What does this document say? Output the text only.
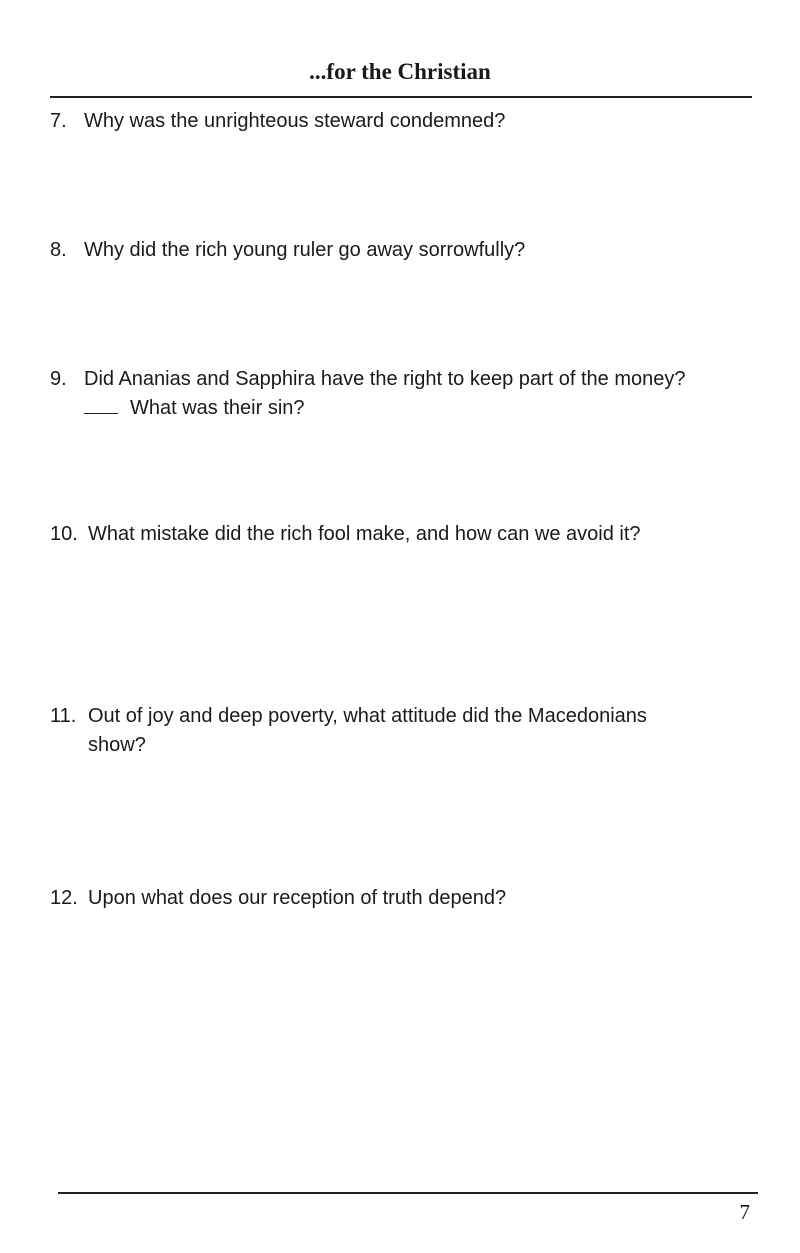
...for the Christian
7. Why was the unrighteous steward condemned?
8. Why did the rich young ruler go away sorrowfully?
9. Did Ananias and Sapphira have the right to keep part of the money?
What was their sin?
10. What mistake did the rich fool make, and how can we avoid it?
11. Out of joy and deep poverty, what attitude did the Macedonians
show?
12. Upon what does our reception of truth depend?
7
